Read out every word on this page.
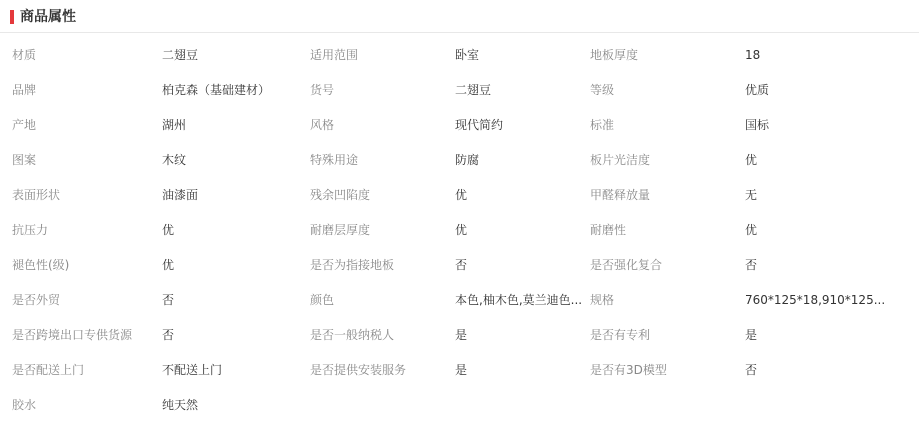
商品属性
材质	二翅豆	适用范围	卧室	地板厚度	18
品牌	柏克森（基础建材）	货号	二翅豆	等级	优质
产地	湖州	风格	现代简约	标准	国标
图案	木纹	特殊用途	防腐	板片光洁度	优
表面形状	油漆面	残余凹陷度	优	甲醛释放量	无
抗压力	优	耐磨层厚度	优	耐磨性	优
褪色性(级)	优	是否为指接地板	否	是否强化复合	否
是否外贸	否	颜色	本色,柚木色,莫兰迪色...	规格	760*125*18,910*125...
是否跨境出口专供货源	否	是否一般纳税人	是	是否有专利	是
是否配送上门	不配送上门	是否提供安装服务	是	是否有3D模型	否
胶水	纯天然				
